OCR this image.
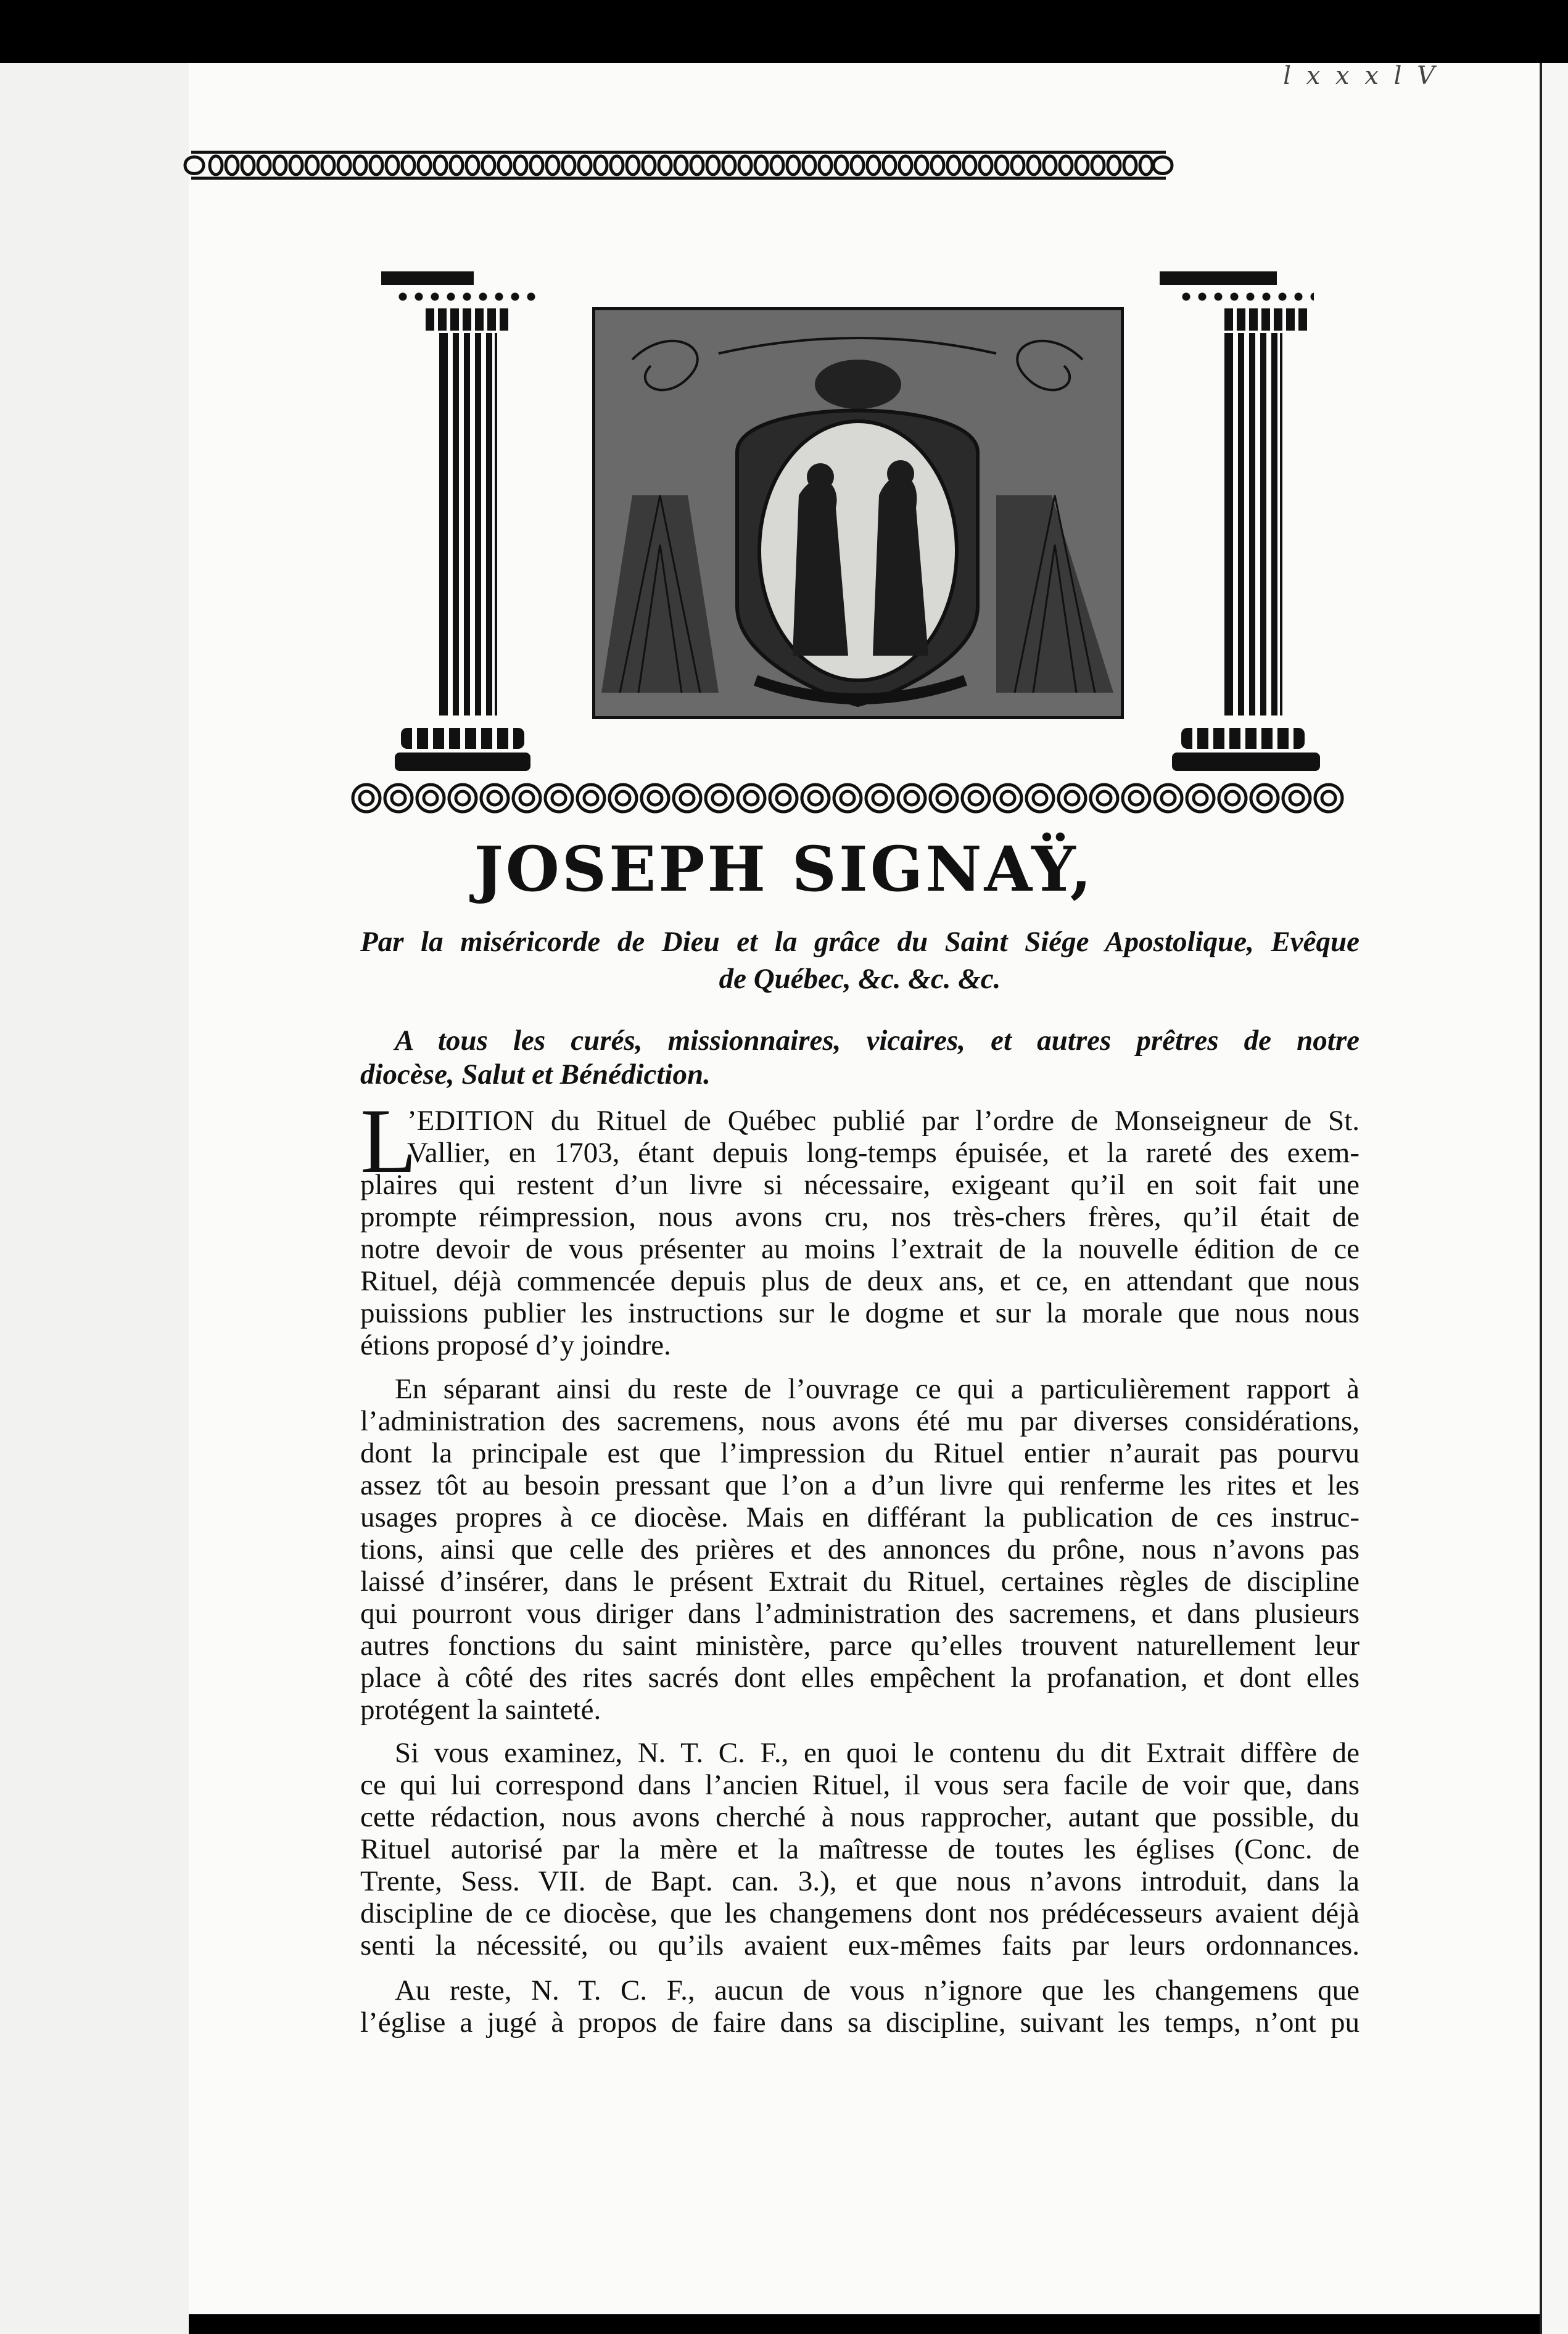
l x x x l V
JOSEPH SIGNAŸ,
Par la miséricorde de Dieu et la grâce du Saint Siége Apostolique, Evêque
de Québec, &c. &c. &c.
A tous les curés, missionnaires, vicaires, et autres prêtres de notre
diocèse, Salut et Bénédiction.
L
’EDITION du Rituel de Québec publié par l’ordre de Monseigneur de St.
Vallier, en 1703, étant depuis long-temps épuisée, et la rareté des exem-
plaires qui restent d’un livre si nécessaire, exigeant qu’il en soit fait une
prompte réimpression, nous avons cru, nos très-chers frères, qu’il était de
notre devoir de vous présenter au moins l’extrait de la nouvelle édition de ce
Rituel, déjà commencée depuis plus de deux ans, et ce, en attendant que nous
puissions publier les instructions sur le dogme et sur la morale que nous nous
étions proposé d’y joindre.
En séparant ainsi du reste de l’ouvrage ce qui a particulièrement rapport à
l’administration des sacremens, nous avons été mu par diverses considérations,
dont la principale est que l’impression du Rituel entier n’aurait pas pourvu
assez tôt au besoin pressant que l’on a d’un livre qui renferme les rites et les
usages propres à ce diocèse. Mais en différant la publication de ces instruc-
tions, ainsi que celle des prières et des annonces du prône, nous n’avons pas
laissé d’insérer, dans le présent Extrait du Rituel, certaines règles de discipline
qui pourront vous diriger dans l’administration des sacremens, et dans plusieurs
autres fonctions du saint ministère, parce qu’elles trouvent naturellement leur
place à côté des rites sacrés dont elles empêchent la profanation, et dont elles
protégent la sainteté.
Si vous examinez, N. T. C. F., en quoi le contenu du dit Extrait diffère de
ce qui lui correspond dans l’ancien Rituel, il vous sera facile de voir que, dans
cette rédaction, nous avons cherché à nous rapprocher, autant que possible, du
Rituel autorisé par la mère et la maîtresse de toutes les églises (Conc. de
Trente, Sess. VII. de Bapt. can. 3.), et que nous n’avons introduit, dans la
discipline de ce diocèse, que les changemens dont nos prédécesseurs avaient déjà
senti la nécessité, ou qu’ils avaient eux-mêmes faits par leurs ordonnances.
Au reste, N. T. C. F., aucun de vous n’ignore que les changemens que
l’église a jugé à propos de faire dans sa discipline, suivant les temps, n’ont pu
